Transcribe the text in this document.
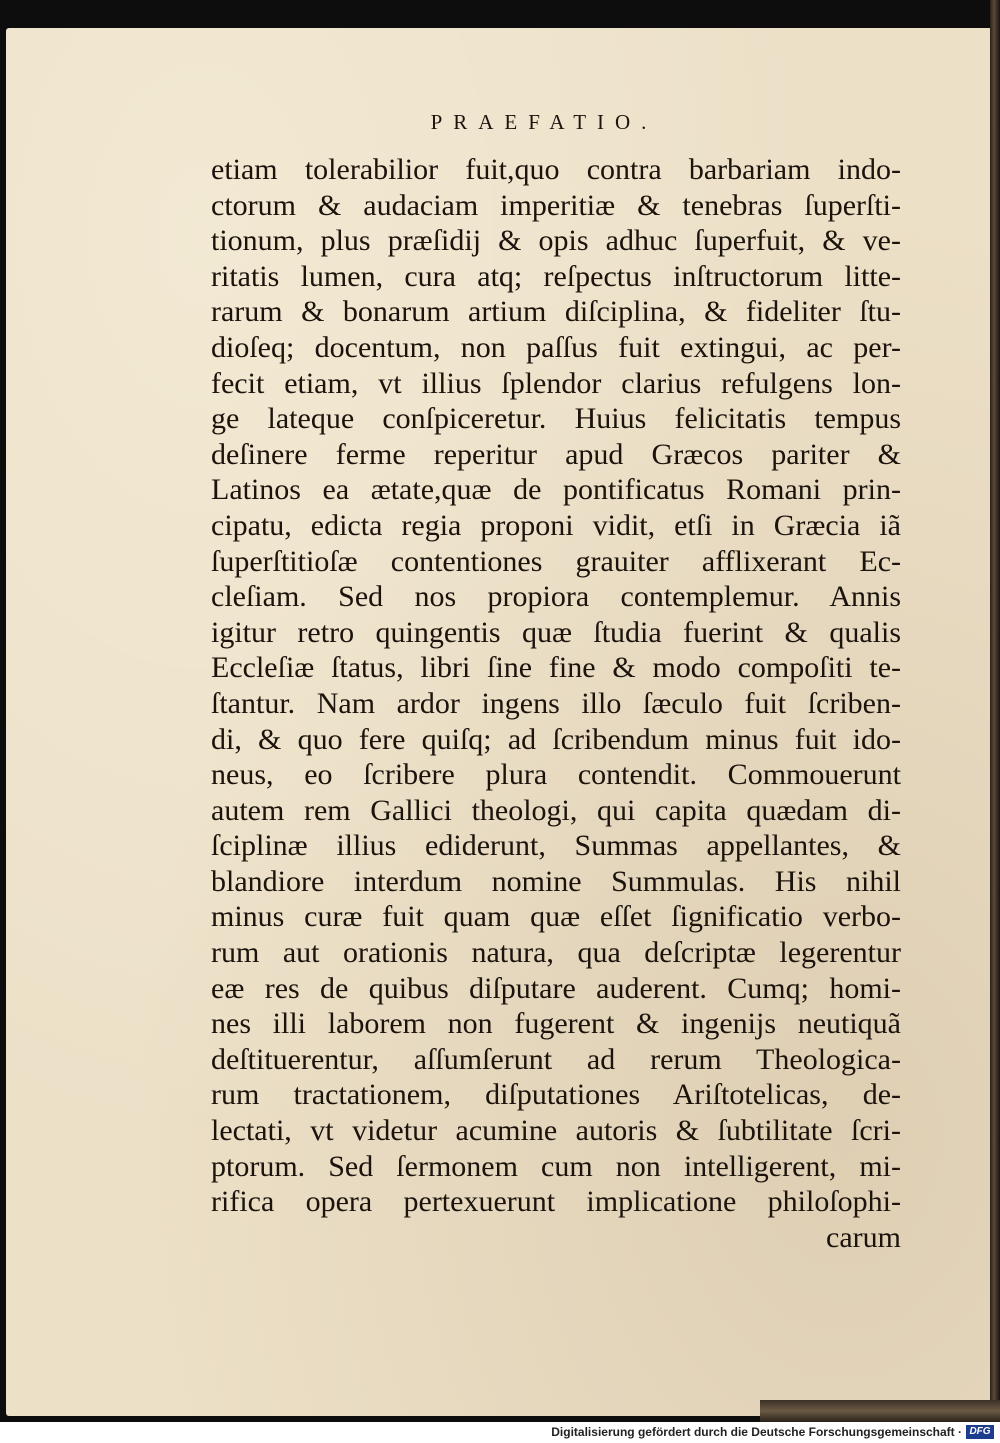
PRAEFATIO.
etiam tolerabilior fuit,quo contra barbariam indo-
ctorum & audaciam imperitiæ & tenebras ſuperſti-
tionum, plus præſidij & opis adhuc ſuperfuit, & ve-
ritatis lumen, cura atq; reſpectus inſtructorum litte-
rarum & bonarum artium diſciplina, & fideliter ſtu-
dioſeq; docentum, non paſſus fuit extingui, ac per-
fecit etiam, vt illius ſplendor clarius refulgens lon-
ge lateque conſpiceretur. Huius felicitatis tempus
deſinere ferme reperitur apud Græcos pariter &
Latinos ea ætate,quæ de pontificatus Romani prin-
cipatu, edicta regia proponi vidit, etſi in Græcia iã
ſuperſtitioſæ contentiones grauiter afflixerant Ec-
cleſiam. Sed nos propiora contemplemur. Annis
igitur retro quingentis quæ ſtudia fuerint & qualis
Eccleſiæ ſtatus, libri ſine fine & modo compoſiti te-
ſtantur. Nam ardor ingens illo ſæculo fuit ſcriben-
di, & quo fere quiſq; ad ſcribendum minus fuit ido-
neus, eo ſcribere plura contendit. Commouerunt
autem rem Gallici theologi, qui capita quædam di-
ſciplinæ illius ediderunt, Summas appellantes, &
blandiore interdum nomine Summulas. His nihil
minus curæ fuit quam quæ eſſet ſignificatio verbo-
rum aut orationis natura, qua deſcriptæ legerentur
eæ res de quibus diſputare auderent. Cumq; homi-
nes illi laborem non fugerent & ingenijs neutiquã
deſtituerentur, aſſumſerunt ad rerum Theologica-
rum tractationem, diſputationes Ariſtotelicas, de-
lectati, vt videtur acumine autoris & ſubtilitate ſcri-
ptorum. Sed ſermonem cum non intelligerent, mi-
rifica opera pertexuerunt implicatione philoſophi-
carum
Digitalisierung gefördert durch die Deutsche Forschungsgemeinschaft · DFG
